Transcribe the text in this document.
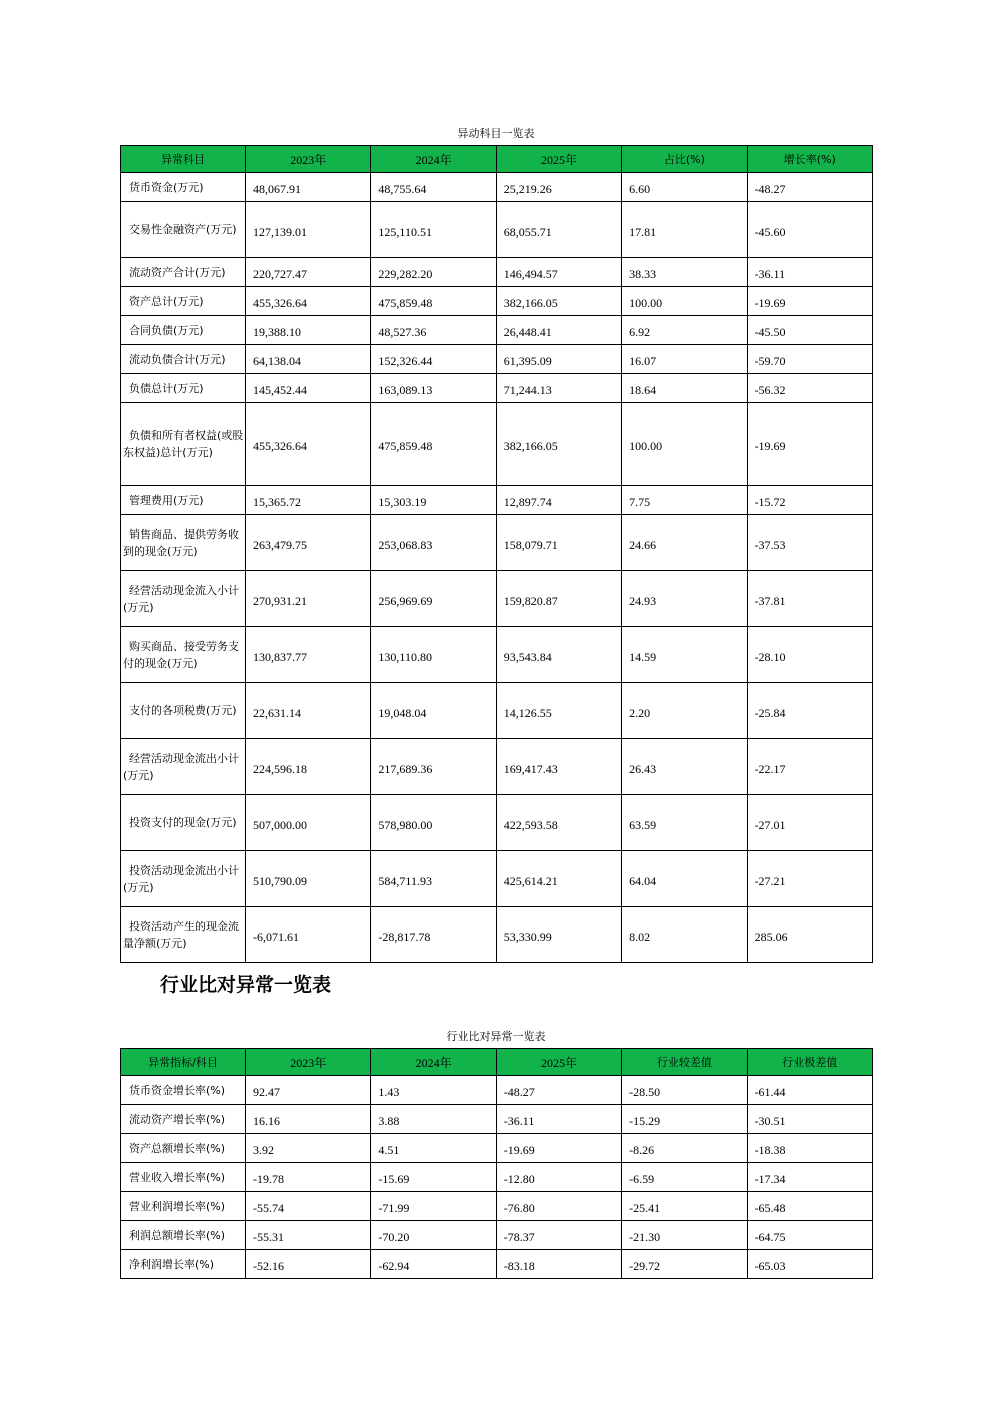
异动科目一览表
异常科目	2023年	2024年	2025年	占比(%)	增长率(%)
货币资金(万元)	48,067.91	48,755.64	25,219.26	6.60	-48.27
交易性金融资产(万元)	127,139.01	125,110.51	68,055.71	17.81	-45.60
流动资产合计(万元)	220,727.47	229,282.20	146,494.57	38.33	-36.11
资产总计(万元)	455,326.64	475,859.48	382,166.05	100.00	-19.69
合同负债(万元)	19,388.10	48,527.36	26,448.41	6.92	-45.50
流动负债合计(万元)	64,138.04	152,326.44	61,395.09	16.07	-59.70
负债总计(万元)	145,452.44	163,089.13	71,244.13	18.64	-56.32
负债和所有者权益(或股东权益)总计(万元)	455,326.64	475,859.48	382,166.05	100.00	-19.69
管理费用(万元)	15,365.72	15,303.19	12,897.74	7.75	-15.72
销售商品、提供劳务收到的现金(万元)	263,479.75	253,068.83	158,079.71	24.66	-37.53
经营活动现金流入小计(万元)	270,931.21	256,969.69	159,820.87	24.93	-37.81
购买商品、接受劳务支付的现金(万元)	130,837.77	130,110.80	93,543.84	14.59	-28.10
支付的各项税费(万元)	22,631.14	19,048.04	14,126.55	2.20	-25.84
经营活动现金流出小计(万元)	224,596.18	217,689.36	169,417.43	26.43	-22.17
投资支付的现金(万元)	507,000.00	578,980.00	422,593.58	63.59	-27.01
投资活动现金流出小计(万元)	510,790.09	584,711.93	425,614.21	64.04	-27.21
投资活动产生的现金流量净额(万元)	-6,071.61	-28,817.78	53,330.99	8.02	285.06
行业比对异常一览表
行业比对异常一览表
异常指标/科目	2023年	2024年	2025年	行业较差值	行业极差值
货币资金增长率(%)	92.47	1.43	-48.27	-28.50	-61.44
流动资产增长率(%)	16.16	3.88	-36.11	-15.29	-30.51
资产总额增长率(%)	3.92	4.51	-19.69	-8.26	-18.38
营业收入增长率(%)	-19.78	-15.69	-12.80	-6.59	-17.34
营业利润增长率(%)	-55.74	-71.99	-76.80	-25.41	-65.48
利润总额增长率(%)	-55.31	-70.20	-78.37	-21.30	-64.75
净利润增长率(%)	-52.16	-62.94	-83.18	-29.72	-65.03
